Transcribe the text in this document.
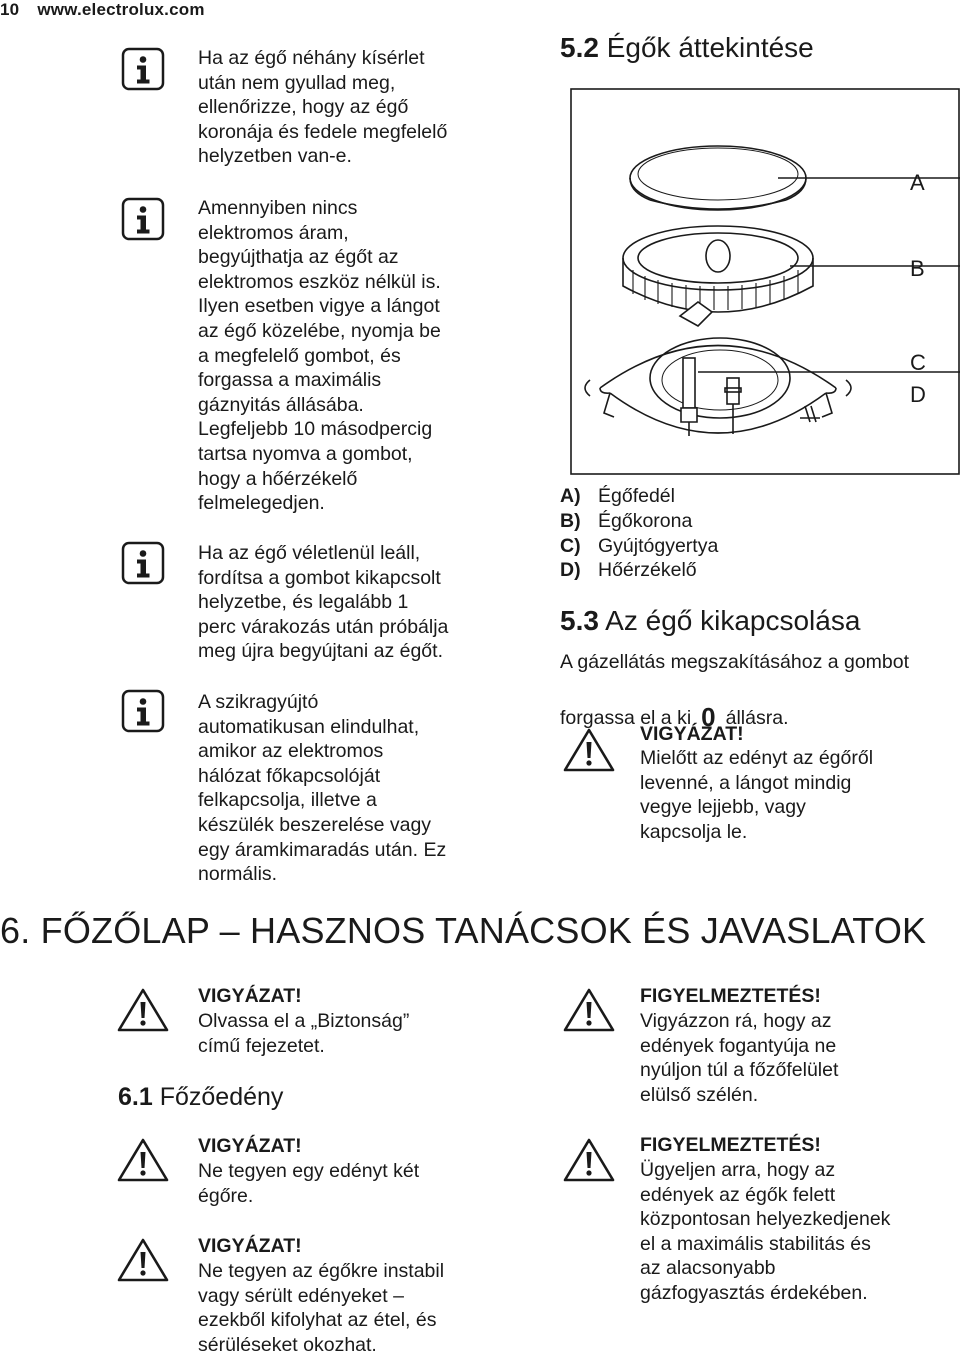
10 www.electrolux.com
Ha az égő néhány kísérlet
után nem gyullad meg,
ellenőrizze, hogy az égő
koronája és fedele megfelelő
helyzetben van-e.
Amennyiben nincs
elektromos áram,
begyújthatja az égőt az
elektromos eszköz nélkül is.
Ilyen esetben vigye a lángot
az égő közelébe, nyomja be
a megfelelő gombot, és
forgassa a maximális
gáznyitás állásába.
Legfeljebb 10 másodpercig
tartsa nyomva a gombot,
hogy a hőérzékelő
felmelegedjen.
Ha az égő véletlenül leáll,
fordítsa a gombot kikapcsolt
helyzetbe, és legalább 1
perc várakozás után próbálja
meg újra begyújtani az égőt.
A szikragyújtó
automatikusan elindulhat,
amikor az elektromos
hálózat főkapcsolóját
felkapcsolja, illetve a
készülék beszerelése vagy
egy áramkimaradás után. Ez
normális.
5.2 Égők áttekintése
A
B
C
D
A) Égőfedél
B) Égőkorona
C) Gyújtógyertya
D) Hőérzékelő
5.3 Az égő kikapcsolása
A gázellátás megszakításához a gombot

forgassa el a ki 0 állásra.

VIGYÁZAT!
Mielőtt az edényt az égőről
levenné, a lángot mindig
vegye lejjebb, vagy
kapcsolja le.
6. FŐZŐLAP – HASZNOS TANÁCSOK ÉS JAVASLATOK
VIGYÁZAT!
Olvassa el a „Biztonság”
című fejezetet.
6.1 Főzőedény
VIGYÁZAT!
Ne tegyen egy edényt két
égőre.
VIGYÁZAT!
Ne tegyen az égőkre instabil
vagy sérült edényeket –
ezekből kifolyhat az étel, és
sérüléseket okozhat.
FIGYELMEZTETÉS!
Vigyázzon rá, hogy az
edények fogantyúja ne
nyúljon túl a főzőfelület
elülső szélén.
FIGYELMEZTETÉS!
Ügyeljen arra, hogy az
edények az égők felett
központosan helyezkedjenek
el a maximális stabilitás és
az alacsonyabb
gázfogyasztás érdekében.
